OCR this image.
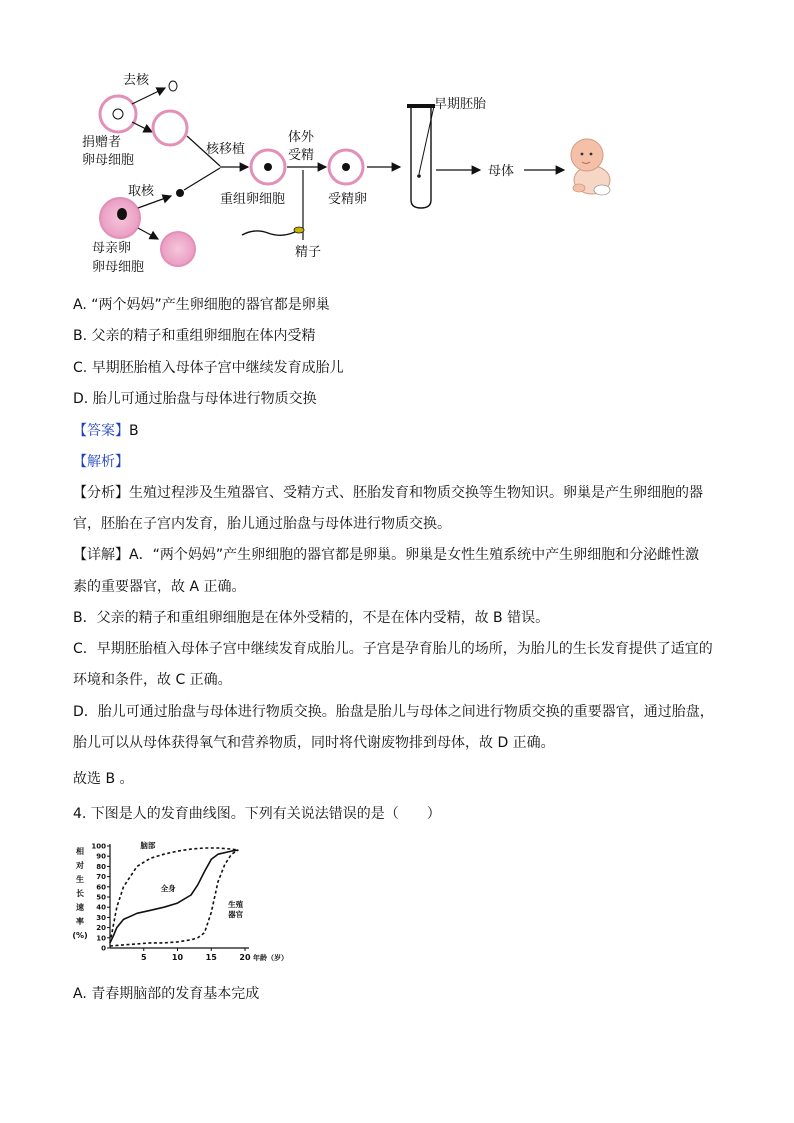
去核
捐赠者
卵母细胞
取核
母亲卵
卵母细胞
核移植
重组卵细胞
体外
受精
精子
受精卵
早期胚胎
母体
A. “两个妈妈”产生卵细胞的器官都是卵巢
B. 父亲的精子和重组卵细胞在体内受精
C. 早期胚胎植入母体子宫中继续发育成胎儿
D. 胎儿可通过胎盘与母体进行物质交换
【答案】B
【解析】
【分析】生殖过程涉及生殖器官、受精方式、胚胎发育和物质交换等生物知识。卵巢是产生卵细胞的器
官，胚胎在子宫内发育，胎儿通过胎盘与母体进行物质交换。
【详解】A．“两个妈妈”产生卵细胞的器官都是卵巢。卵巢是女性生殖系统中产生卵细胞和分泌雌性激
素的重要器官，故 A 正确。
B．父亲的精子和重组卵细胞是在体外受精的，不是在体内受精，故 B 错误。
C．早期胚胎植入母体子宫中继续发育成胎儿。子宫是孕育胎儿的场所，为胎儿的生长发育提供了适宜的
环境和条件，故 C 正确。
D．胎儿可通过胎盘与母体进行物质交换。胎盘是胎儿与母体之间进行物质交换的重要器官，通过胎盘，
胎儿可以从母体获得氧气和营养物质，同时将代谢废物排到母体，故 D 正确。
故选 B 。
4. 下图是人的发育曲线图。下列有关说法错误的是（　　）
0
10
20
30
40
50
60
70
80
90
100
5	10	15	20 年龄（岁）
相
对
生
长
速
率
(%)
脑部
全身
生殖
器官
A. 青春期脑部的发育基本完成
